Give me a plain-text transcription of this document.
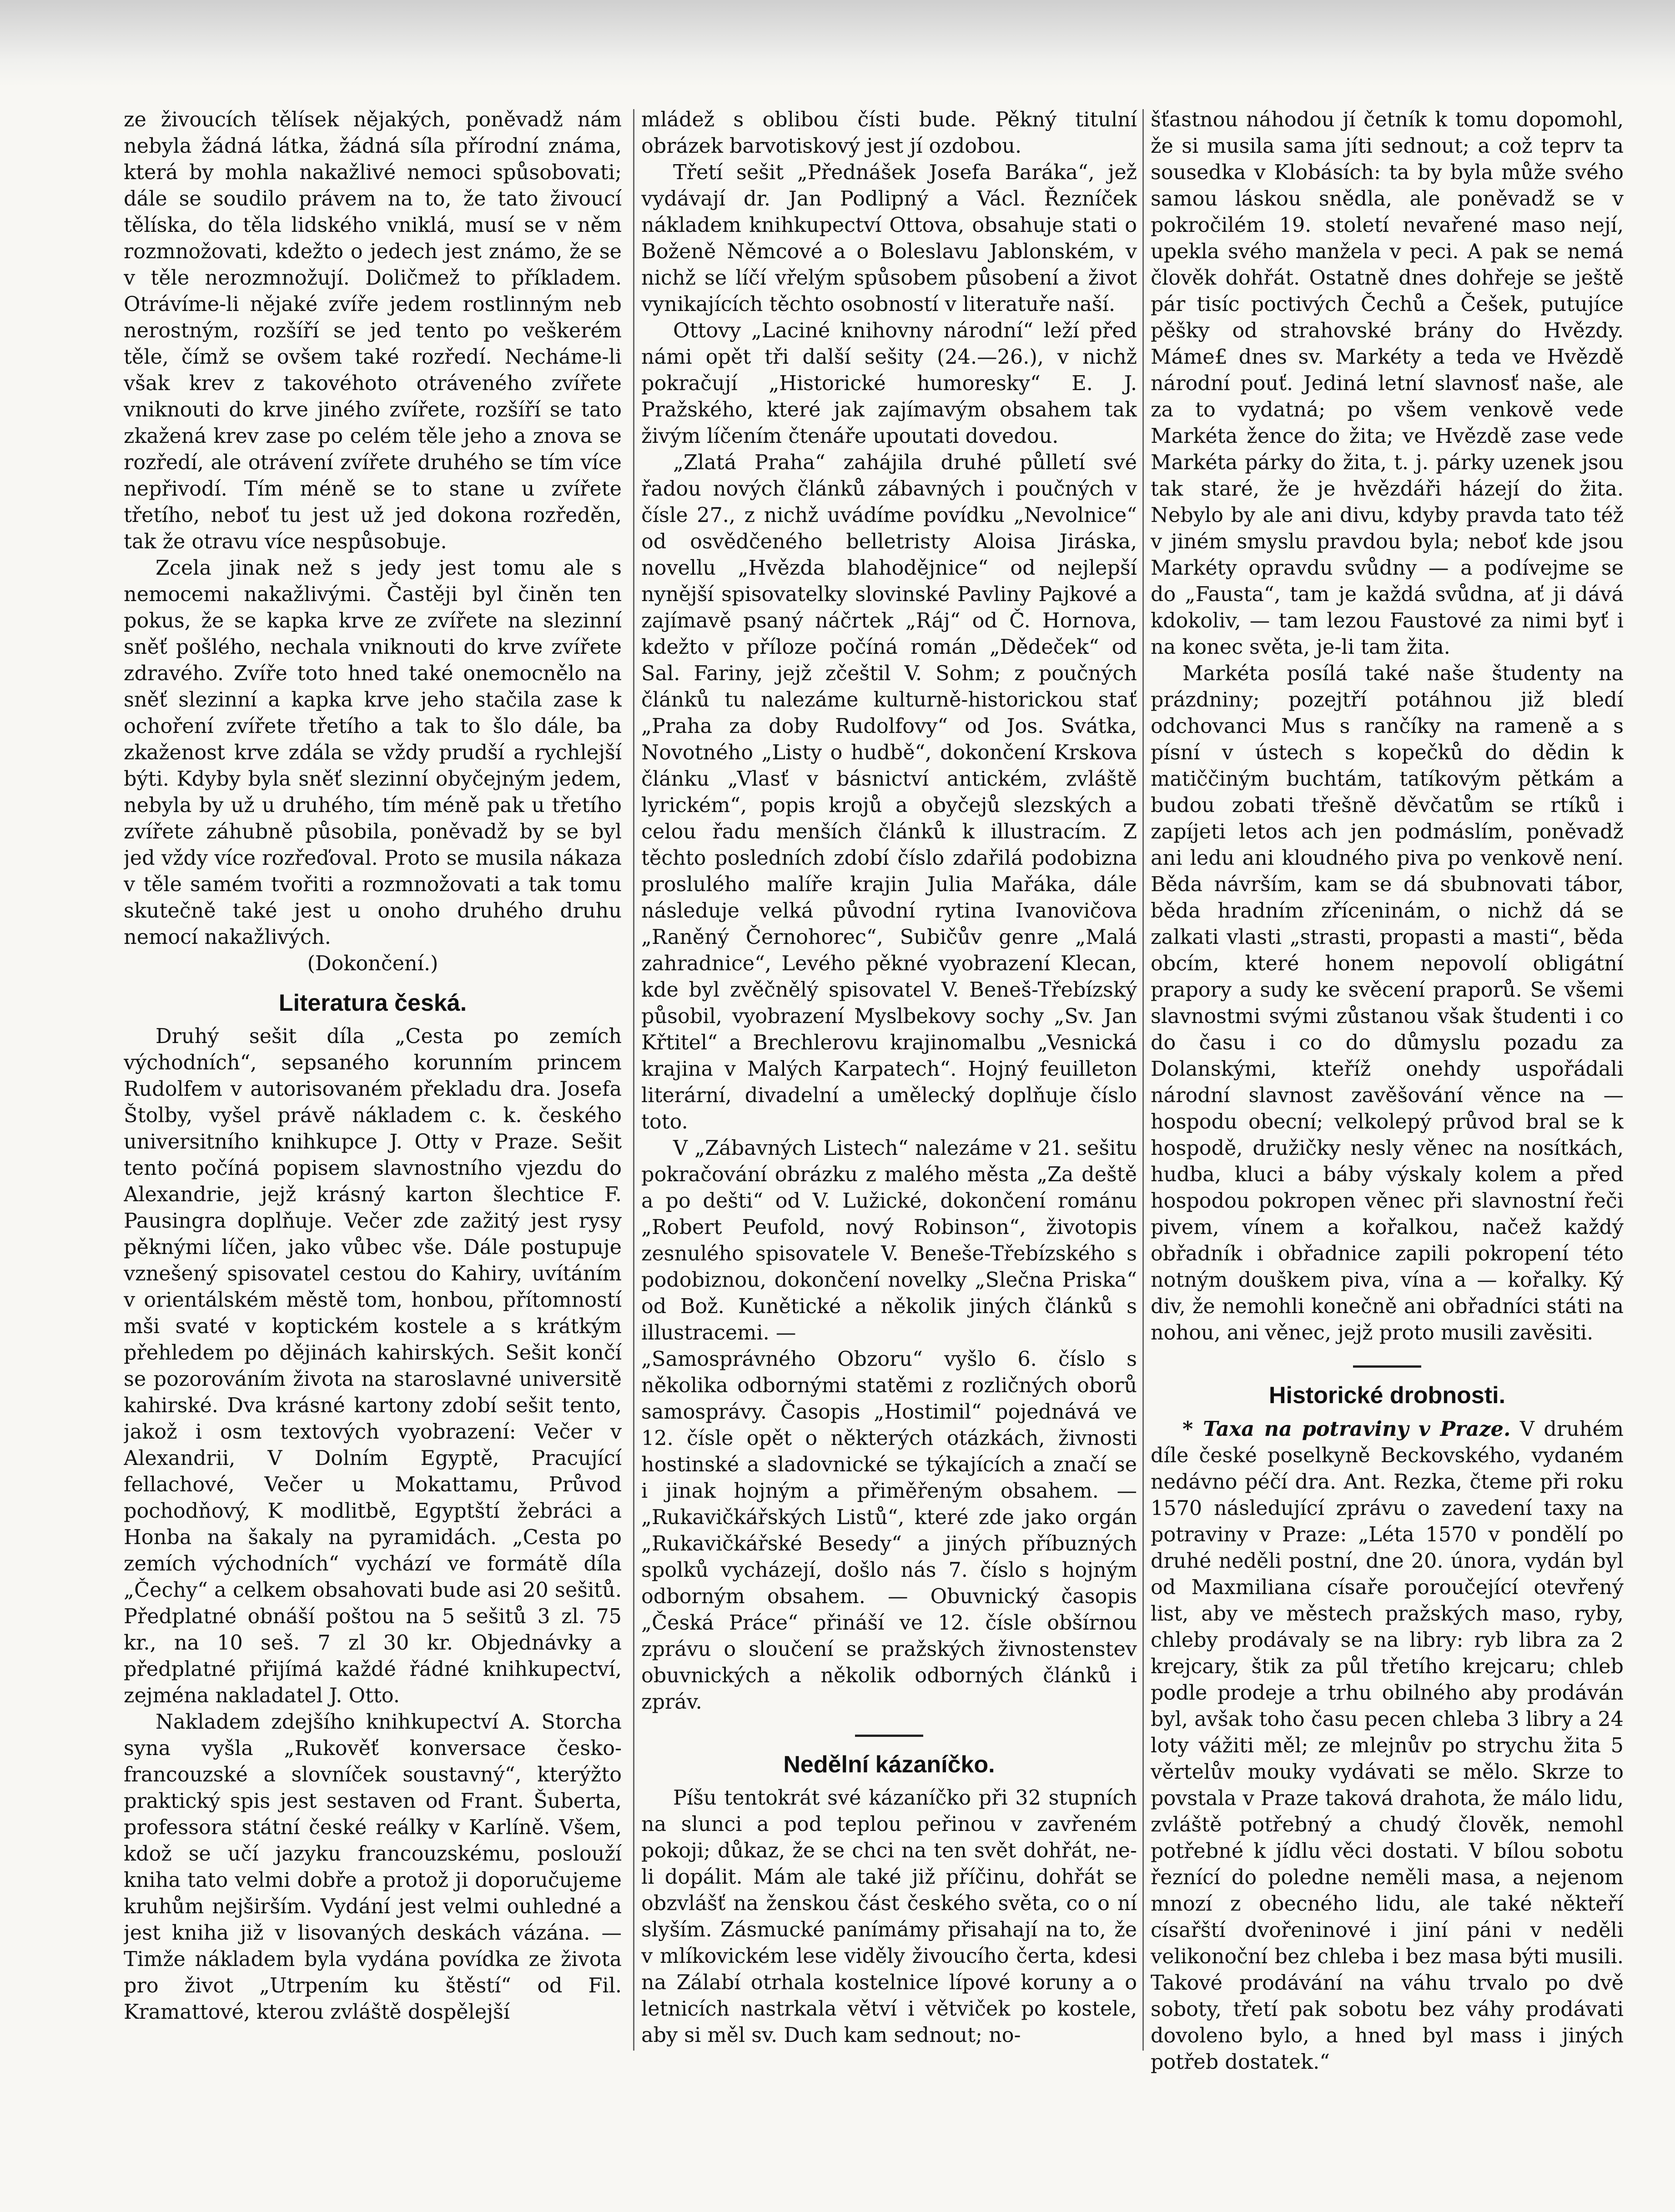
ze živoucích tělísek nějakých, poněvadž nám nebyla žádná látka, žádná síla přírodní známa, která by mohla nakažlivé nemoci spůsobovati; dále se soudilo právem na to, že tato živoucí tělíska, do těla lidského vniklá, musí se v něm rozmnožovati, kdežto o jedech jest známo, že se v těle nerozmnožují. Doličmež to příkladem. Otrávíme-li nějaké zvíře jedem rostlinným neb nerostným, rozšíří se jed tento po veškerém těle, čímž se ovšem také rozředí. Necháme-li však krev z takovéhoto otráveného zvířete vniknouti do krve jiného zvířete, rozšíří se tato zkažená krev zase po celém těle jeho a znova se rozředí, ale otrávení zvířete druhého se tím více nepřivodí. Tím méně se to stane u zvířete třetího, neboť tu jest už jed dokona rozředěn, tak že otravu více nespůsobuje.

Zcela jinak než s jedy jest tomu ale s nemocemi nakažlivými. Častěji byl činěn ten pokus, že se kapka krve ze zvířete na slezinní sněť pošlého, nechala vniknouti do krve zvířete zdravého. Zvíře toto hned také onemocnělo na sněť slezinní a kapka krve jeho stačila zase k ochoření zvířete třetího a tak to šlo dále, ba zkaženost krve zdála se vždy prudší a rychlejší býti. Kdyby byla sněť slezinní obyčejným jedem, nebyla by už u druhého, tím méně pak u třetího zvířete záhubně působila, poněvadž by se byl jed vždy více rozřeďoval. Proto se musila nákaza v těle samém tvořiti a rozmnožovati a tak tomu skutečně také jest u onoho druhého druhu nemocí nakažlivých.

(Dokončení.)

Literatura česká.

Druhý sešit díla „Cesta po zemích východních“, sepsaného korunním princem Rudolfem v autorisovaném překladu dra. Josefa Štolby, vyšel právě nákladem c. k. českého universitního knihkupce J. Otty v Praze. Sešit tento počíná popisem slavnostního vjezdu do Alexandrie, jejž krásný karton šlechtice F. Pausingra doplňuje. Večer zde zažitý jest rysy pěknými líčen, jako vůbec vše. Dále postupuje vznešený spisovatel cestou do Kahiry, uvítáním v orientálském městě tom, honbou, přítomností mši svaté v koptickém kostele a s krátkým přehledem po dějinách kahirských. Sešit končí se pozorováním života na staroslavné universitě kahirské. Dva krásné kartony zdobí sešit tento, jakož i osm textových vyobrazení: Večer v Alexandrii, V Dolním Egyptě, Pracující fellachové, Večer u Mokattamu, Průvod pochodňový, K modlitbě, Egyptští žebráci a Honba na šakaly na pyramidách. „Cesta po zemích východních“ vychází ve formátě díla „Čechy“ a celkem obsahovati bude asi 20 sešitů. Předplatné obnáší poštou na 5 sešitů 3 zl. 75 kr., na 10 seš. 7 zl 30 kr. Objednávky a předplatné přijímá každé řádné knihkupectví, zejména nakladatel J. Otto.

Nakladem zdejšího knihkupectví A. Storcha syna vyšla „Rukověť konversace česko-francouzské a slovníček soustavný“, kterýžto praktický spis jest sestaven od Frant. Šuberta, professora státní české reálky v Karlíně. Všem, kdož se učí jazyku francouzskému, poslouží kniha tato velmi dobře a protož ji doporučujeme kruhům nejširším. Vydání jest velmi ouhledné a jest kniha již v lisovaných deskách vázána. — Timže nákladem byla vydána povídka ze života pro život „Utrpením ku štěstí“ od Fil. Kramattové, kterou zvláště dospělejší

mládež s oblibou čísti bude. Pěkný titulní obrázek barvotiskový jest jí ozdobou.

Třetí sešit „Přednášek Josefa Baráka“, jež vydávají dr. Jan Podlipný a Václ. Řezníček nákladem knihkupectví Ottova, obsahuje stati o Boženě Němcové a o Boleslavu Jablonském, v nichž se líčí vřelým spůsobem působení a život vynikajících těchto osobností v literatuře naší.

Ottovy „Laciné knihovny národní“ leží před námi opět tři další sešity (24.—26.), v nichž pokračují „Historické humoresky“ E. J. Pražského, které jak zajímavým obsahem tak živým líčením čtenáře upoutati dovedou.

„Zlatá Praha“ zahájila druhé půlletí své řadou nových článků zábavných i poučných v čísle 27., z nichž uvádíme povídku „Nevolnice“ od osvědčeného belletristy Aloisa Jiráska, novellu „Hvězda blahodějnice“ od nejlepší nynější spisovatelky slovinské Pavliny Pajkové a zajímavě psaný náčrtek „Ráj“ od Č. Hornova, kdežto v příloze počíná román „Dědeček“ od Sal. Fariny, jejž zčeštil V. Sohm; z poučných článků tu nalezáme kulturně-historickou stať „Praha za doby Rudolfovy“ od Jos. Svátka, Novotného „Listy o hudbě“, dokončení Krskova článku „Vlasť v básnictví antickém, zvláště lyrickém“, popis krojů a obyčejů slezských a celou řadu menších článků k illustracím. Z těchto posledních zdobí číslo zdařilá podobizna proslulého malíře krajin Julia Mařáka, dále následuje velká původní rytina Ivanovičova „Raněný Černohorec“, Subičův genre „Malá zahradnice“, Levého pěkné vyobrazení Klecan, kde byl zvěčnělý spisovatel V. Beneš-Třebízský působil, vyobrazení Myslbekovy sochy „Sv. Jan Křtitel“ a Brechlerovu krajinomalbu „Vesnická krajina v Malých Karpatech“. Hojný feuilleton literární, divadelní a umělecký doplňuje číslo toto.

V „Zábavných Listech“ nalezáme v 21. sešitu pokračování obrázku z malého města „Za deště a po dešti“ od V. Lužické, dokončení románu „Robert Peufold, nový Robinson“, životopis zesnulého spisovatele V. Beneše-Třebízského s podobiznou, dokončení novelky „Slečna Priska“ od Bož. Kunětické a několik jiných článků s illustracemi. —

„Samosprávného Obzoru“ vyšlo 6. číslo s několika odbornými statěmi z rozličných oborů samosprávy. Časopis „Hostimil“ pojednává ve 12. čísle opět o některých otázkách, živnosti hostinské a sladovnické se týkajících a značí se i jinak hojným a přiměřeným obsahem. — „Rukavičkářských Listů“, které zde jako orgán „Rukavičkářské Besedy“ a jiných příbuzných spolků vycházejí, došlo nás 7. číslo s hojným odborným obsahem. — Obuvnický časopis „Česká Práce“ přináší ve 12. čísle obšírnou zprávu o sloučení se pražských živnostenstev obuvnických a několik odborných článků i zpráv.

Nedělní kázaníčko.

Píšu tentokrát své kázaníčko při 32 stupních na slunci a pod teplou peřinou v zavřeném pokoji; důkaz, že se chci na ten svět dohřát, ne-li dopálit. Mám ale také již příčinu, dohřát se obzvlášť na ženskou část českého světa, co o ní slyším. Zásmucké panímámy přisahají na to, že v mlíkovickém lese viděly živoucího čerta, kdesi na Zálabí otrhala kostelnice lípové koruny a o letnicích nastrkala větví i větviček po kostele, aby si měl sv. Duch kam sednout; no-

šťastnou náhodou jí četník k tomu dopomohl, že si musila sama jíti sednout; a což teprv ta sousedka v Klobásích: ta by byla může svého samou láskou snědla, ale poněvadž se v pokročilém 19. století nevařené maso nejí, upekla svého manžela v peci. A pak se nemá člověk dohřát. Ostatně dnes dohřeje se ještě pár tisíc poctivých Čechů a Češek, putujíce pěšky od strahovské brány do Hvězdy. Máme£ dnes sv. Markéty a teda ve Hvězdě národní pouť. Jediná letní slavnosť naše, ale za to vydatná; po všem venkově vede Markéta žence do žita; ve Hvězdě zase vede Markéta párky do žita, t. j. párky uzenek jsou tak staré, že je hvězdáři házejí do žita. Nebylo by ale ani divu, kdyby pravda tato též v jiném smyslu pravdou byla; neboť kde jsou Markéty opravdu svůdny — a podívejme se do „Fausta“, tam je každá svůdna, ať ji dává kdokoliv, — tam lezou Faustové za nimi byť i na konec světa, je-li tam žita.

Markéta posílá také naše študenty na prázdniny; pozejtří potáhnou již bledí odchovanci Mus s rančíky na rameně a s písní v ústech s kopečků do dědin k matiččiným buchtám, tatíkovým pětkám a budou zobati třešně děvčatům se rtíků i zapíjeti letos ach jen podmáslím, poněvadž ani ledu ani kloudného piva po venkově není. Běda návrším, kam se dá sbubnovati tábor, běda hradním zříceninám, o nichž dá se zalkati vlasti „strasti, propasti a masti“, běda obcím, které honem nepovolí obligátní prapory a sudy ke svěcení praporů. Se všemi slavnostmi svými zůstanou však študenti i co do času i co do důmyslu pozadu za Dolanskými, kteříž onehdy uspořádali národní slavnost zavěšování věnce na — hospodu obecní; velkolepý průvod bral se k hospodě, družičky nesly věnec na nosítkách, hudba, kluci a báby výskaly kolem a před hospodou pokropen věnec při slavnostní řeči pivem, vínem a kořalkou, načež každý obřadník i obřadnice zapili pokropení této notným douškem piva, vína a — kořalky. Ký div, že nemohli konečně ani obřadníci státi na nohou, ani věnec, jejž proto musili zavěsiti.

Historické drobnosti.

* Taxa na potraviny v Praze. V druhém díle české poselkyně Beckovského, vydaném nedávno péčí dra. Ant. Rezka, čteme při roku 1570 následující zprávu o zavedení taxy na potraviny v Praze: „Léta 1570 v pondělí po druhé neděli postní, dne 20. února, vydán byl od Maxmiliana císaře poroučející otevřený list, aby ve městech pražských maso, ryby, chleby prodávaly se na libry: ryb libra za 2 krejcary, štik za půl třetího krejcaru; chleb podle prodeje a trhu obilného aby prodáván byl, avšak toho času pecen chleba 3 libry a 24 loty vážiti měl; ze mlejnův po strychu žita 5 věrtelův mouky vydávati se mělo. Skrze to povstala v Praze taková drahota, že málo lidu, zvláště potřebný a chudý člověk, nemohl potřebné k jídlu věci dostati. V bílou sobotu řeznící do poledne neměli masa, a nejenom mnozí z obecného lidu, ale také někteří císařští dvořeninové i jiní páni v neděli velikonoční bez chleba i bez masa býti musili. Takové prodávání na váhu trvalo po dvě soboty, třetí pak sobotu bez váhy prodávati dovoleno bylo, a hned byl mass i jiných potřeb dostatek.“
